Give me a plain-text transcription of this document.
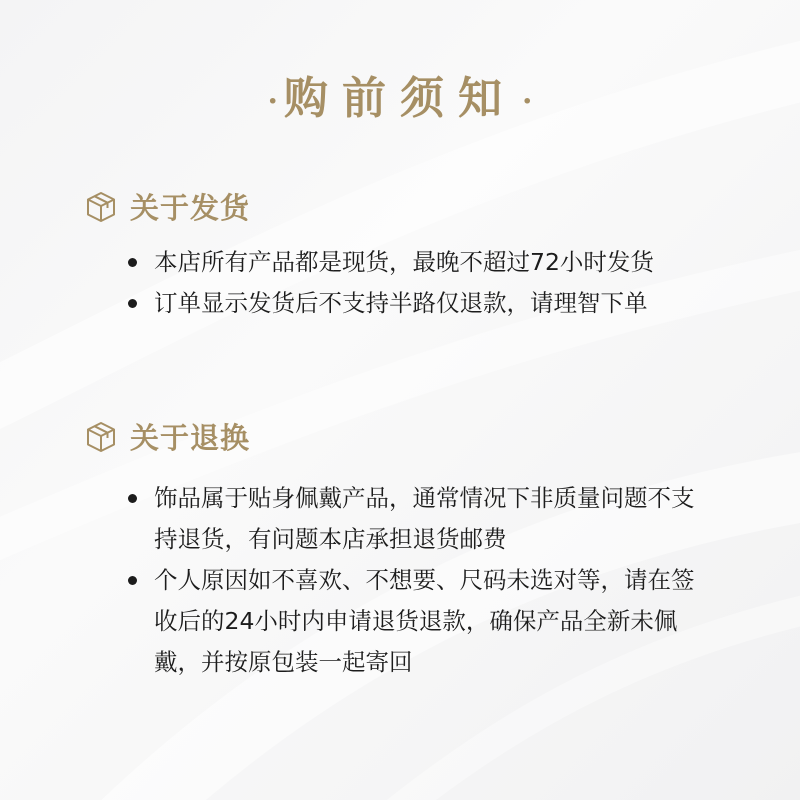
· 购前须知 ·
关于发货
本店所有产品都是现货，最晚不超过72小时发货
订单显示发货后不支持半路仅退款，请理智下单
关于退换
饰品属于贴身佩戴产品，通常情况下非质量问题不支持退货，有问题本店承担退货邮费
个人原因如不喜欢、不想要、尺码未选对等，请在签收后的24小时内申请退货退款，确保产品全新未佩戴，并按原包装一起寄回
